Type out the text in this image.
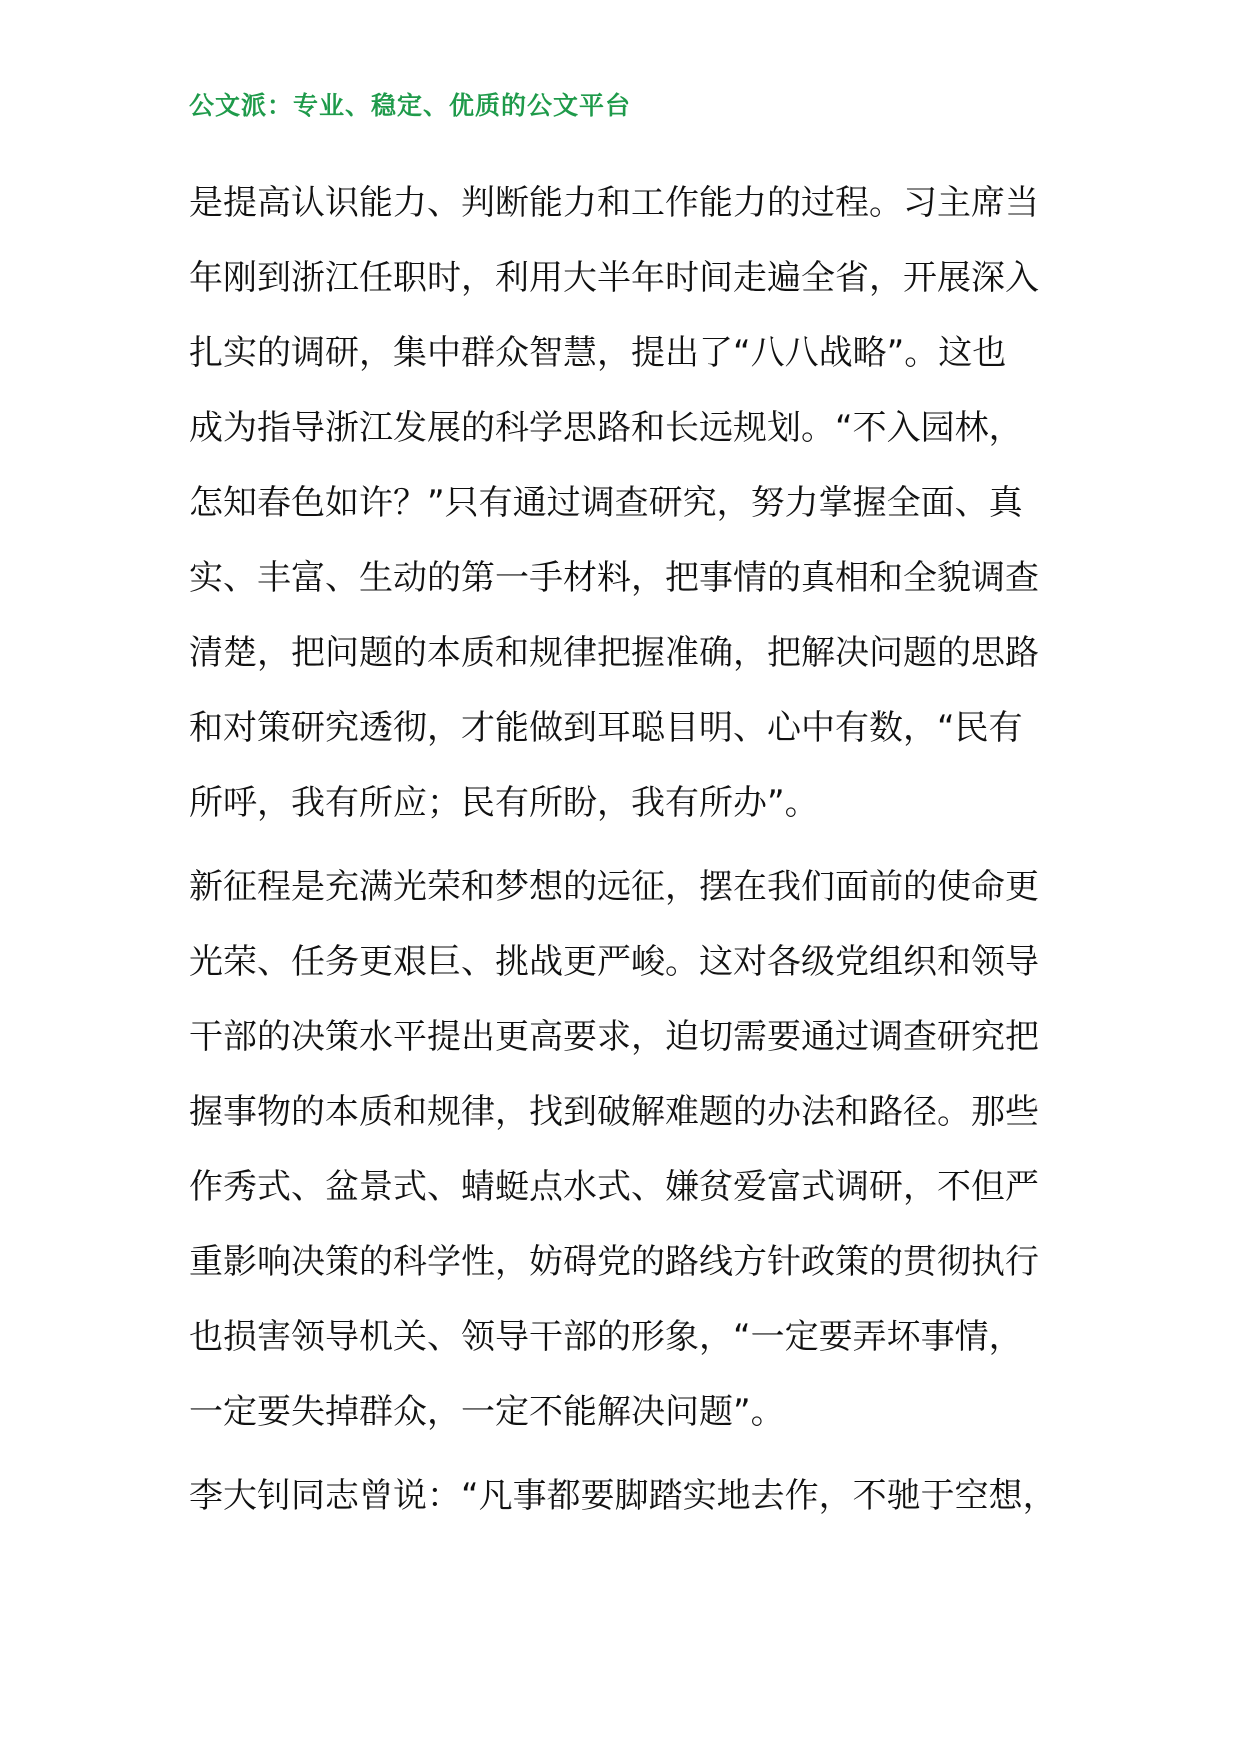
公文派：专业、稳定、优质的公文平台
是提高认识能力、判断能力和工作能力的过程。习主席当
年刚到浙江任职时，利用大半年时间走遍全省，开展深入
扎实的调研，集中群众智慧，提出了“八八战略”。这也
成为指导浙江发展的科学思路和长远规划。“不入园林，
怎知春色如许？”只有通过调查研究，努力掌握全面、真
实、丰富、生动的第一手材料，把事情的真相和全貌调查
清楚，把问题的本质和规律把握准确，把解决问题的思路
和对策研究透彻，才能做到耳聪目明、心中有数，“民有
所呼，我有所应；民有所盼，我有所办”。
新征程是充满光荣和梦想的远征，摆在我们面前的使命更
光荣、任务更艰巨、挑战更严峻。这对各级党组织和领导
干部的决策水平提出更高要求，迫切需要通过调查研究把
握事物的本质和规律，找到破解难题的办法和路径。那些
作秀式、盆景式、蜻蜓点水式、嫌贫爱富式调研，不但严
重影响决策的科学性，妨碍党的路线方针政策的贯彻执行
也损害领导机关、领导干部的形象，“一定要弄坏事情，
一定要失掉群众，一定不能解决问题”。
李大钊同志曾说：“凡事都要脚踏实地去作，不驰于空想，
